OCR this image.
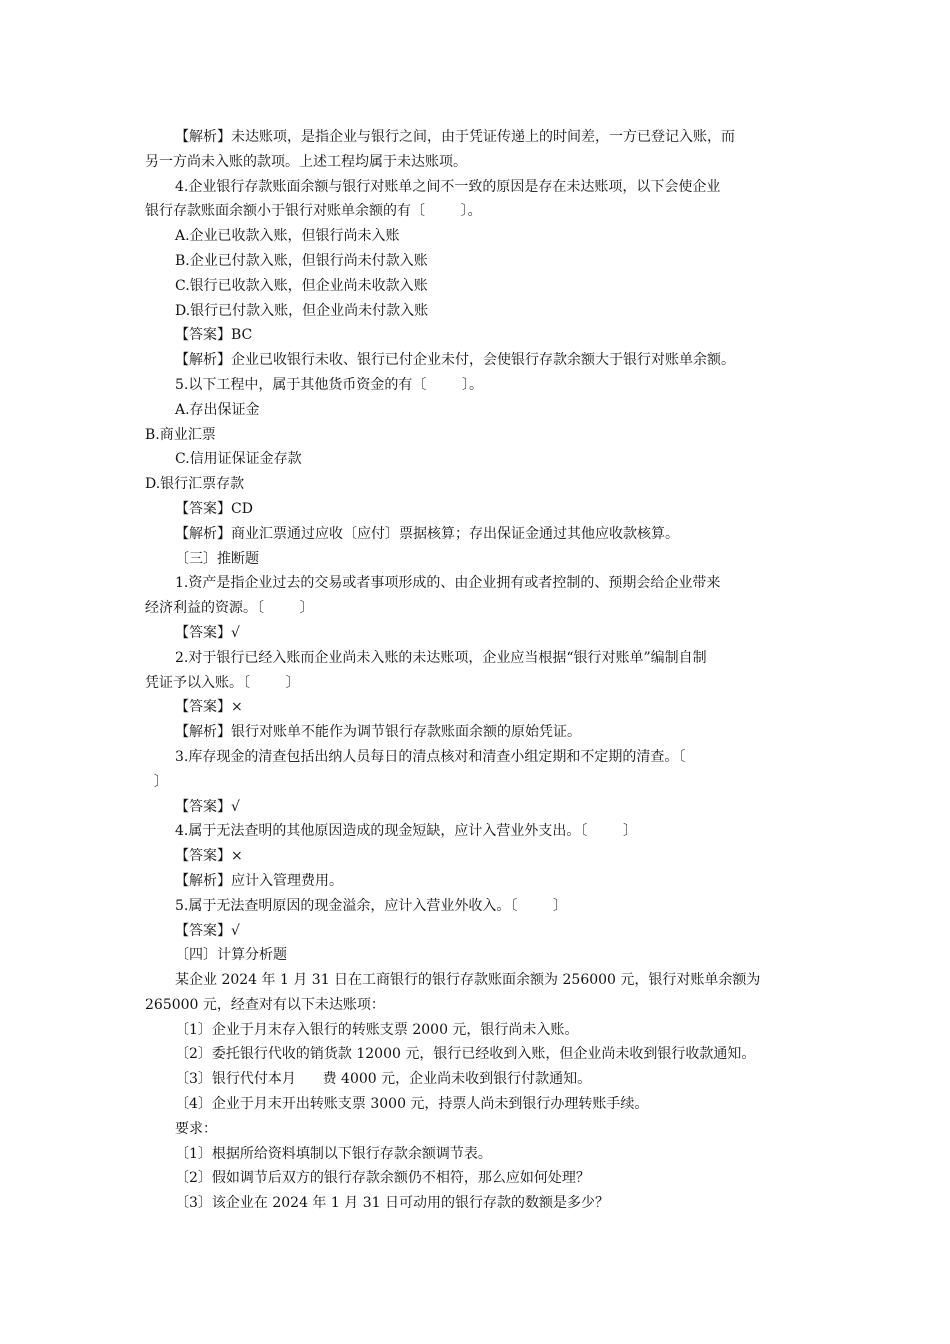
【解析】未达账项，是指企业与银行之间，由于凭证传递上的时间差，一方已登记入账，而
另一方尚未入账的款项。上述工程均属于未达账项。
4.企业银行存款账面余额与银行对账单之间不一致的原因是存在未达账项，以下会使企业
银行存款账面余额小于银行对账单余额的有〔        〕。
A.企业已收款入账，但银行尚未入账
B.企业已付款入账，但银行尚未付款入账
C.银行已收款入账，但企业尚未收款入账
D.银行已付款入账，但企业尚未付款入账
【答案】BC
【解析】企业已收银行未收、银行已付企业未付，会使银行存款余额大于银行对账单余额。
5.以下工程中，属于其他货币资金的有〔        〕。
A.存出保证金
B.商业汇票
C.信用证保证金存款
D.银行汇票存款
【答案】CD
【解析】商业汇票通过应收〔应付〕票据核算；存出保证金通过其他应收款核算。
〔三〕推断题
1.资产是指企业过去的交易或者事项形成的、由企业拥有或者控制的、预期会给企业带来
经济利益的资源。〔        〕
【答案】√
2.对于银行已经入账而企业尚未入账的未达账项，企业应当根据“银行对账单”编制自制
凭证予以入账。〔        〕
【答案】×
【解析】银行对账单不能作为调节银行存款账面余额的原始凭证。
3.库存现金的清查包括出纳人员每日的清点核对和清查小组定期和不定期的清查。〔
〕
【答案】√
4.属于无法查明的其他原因造成的现金短缺，应计入营业外支出。〔        〕
【答案】×
【解析】应计入管理费用。
5.属于无法查明原因的现金溢余，应计入营业外收入。〔        〕
【答案】√
〔四〕计算分析题
某企业 2024 年 1 月 31 日在工商银行的银行存款账面余额为 256000 元，银行对账单余额为
265000 元，经查对有以下未达账项：
〔1〕企业于月末存入银行的转账支票 2000 元，银行尚未入账。
〔2〕委托银行代收的销货款 12000 元，银行已经收到入账，但企业尚未收到银行收款通知。
〔3〕银行代付本月      费 4000 元，企业尚未收到银行付款通知。
〔4〕企业于月末开出转账支票 3000 元，持票人尚未到银行办理转账手续。
要求：
〔1〕根据所给资料填制以下银行存款余额调节表。
〔2〕假如调节后双方的银行存款余额仍不相符，那么应如何处理？
〔3〕该企业在 2024 年 1 月 31 日可动用的银行存款的数额是多少？
